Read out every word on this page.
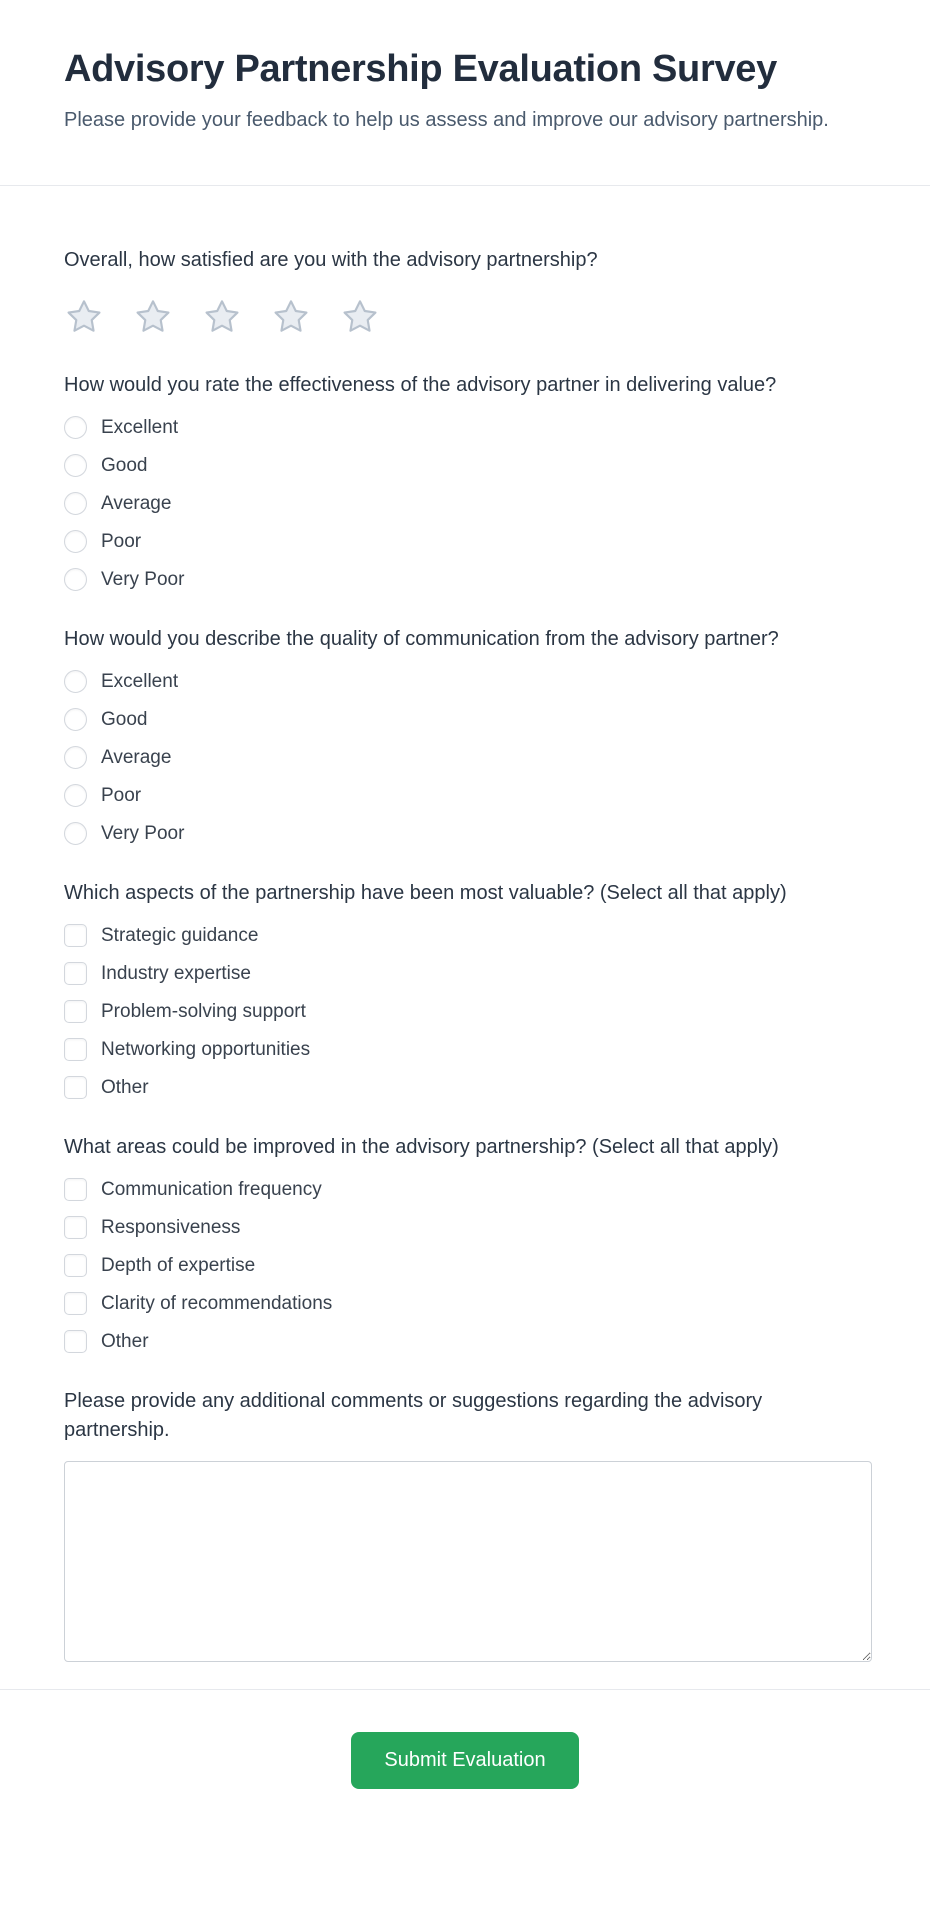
Advisory Partnership Evaluation Survey

Please provide your feedback to help us assess and improve our advisory partnership.

Overall, how satisfied are you with the advisory partnership?
How would you rate the effectiveness of the advisory partner in delivering value?
Excellent
Good
Average
Poor
Very Poor
How would you describe the quality of communication from the advisory partner?
Excellent
Good
Average
Poor
Very Poor
Which aspects of the partnership have been most valuable? (Select all that apply)
Strategic guidance
Industry expertise
Problem-solving support
Networking opportunities
Other
What areas could be improved in the advisory partnership? (Select all that apply)
Communication frequency
Responsiveness
Depth of expertise
Clarity of recommendations
Other
Please provide any additional comments or suggestions regarding the advisory partnership.
Submit Evaluation
